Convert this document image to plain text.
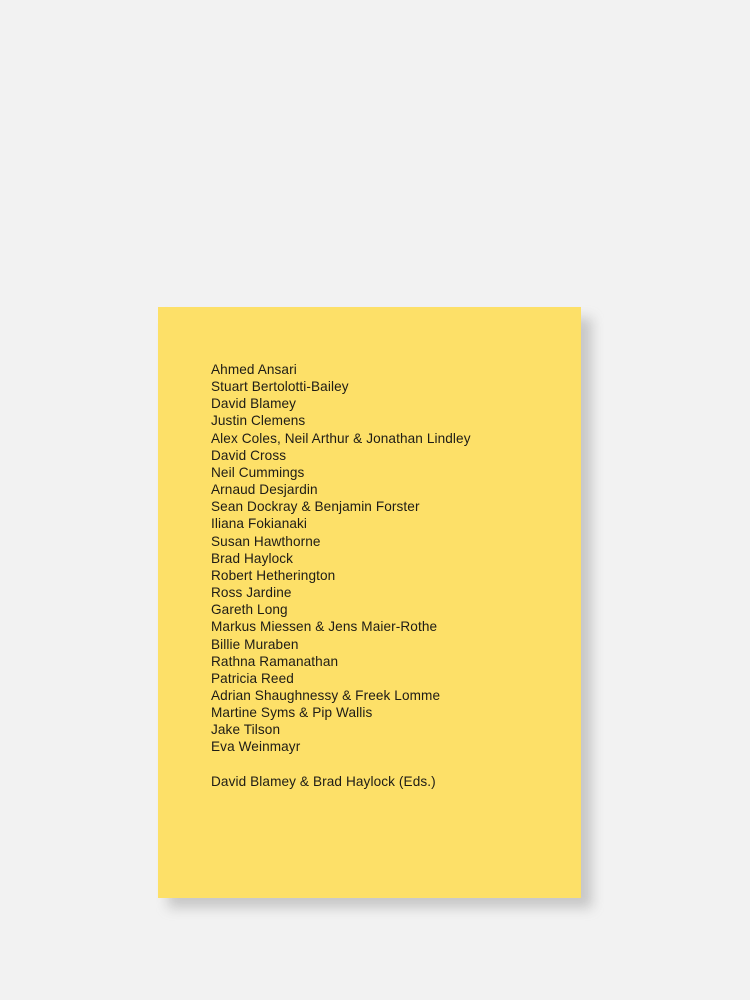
Ahmed Ansari
Stuart Bertolotti-Bailey
David Blamey
Justin Clemens
Alex Coles, Neil Arthur & Jonathan Lindley
David Cross
Neil Cummings
Arnaud Desjardin
Sean Dockray & Benjamin Forster
Iliana Fokianaki
Susan Hawthorne
Brad Haylock
Robert Hetherington
Ross Jardine
Gareth Long
Markus Miessen & Jens Maier-Rothe
Billie Muraben
Rathna Ramanathan
Patricia Reed
Adrian Shaughnessy & Freek Lomme
Martine Syms & Pip Wallis
Jake Tilson
Eva Weinmayr
David Blamey & Brad Haylock (Eds.)
